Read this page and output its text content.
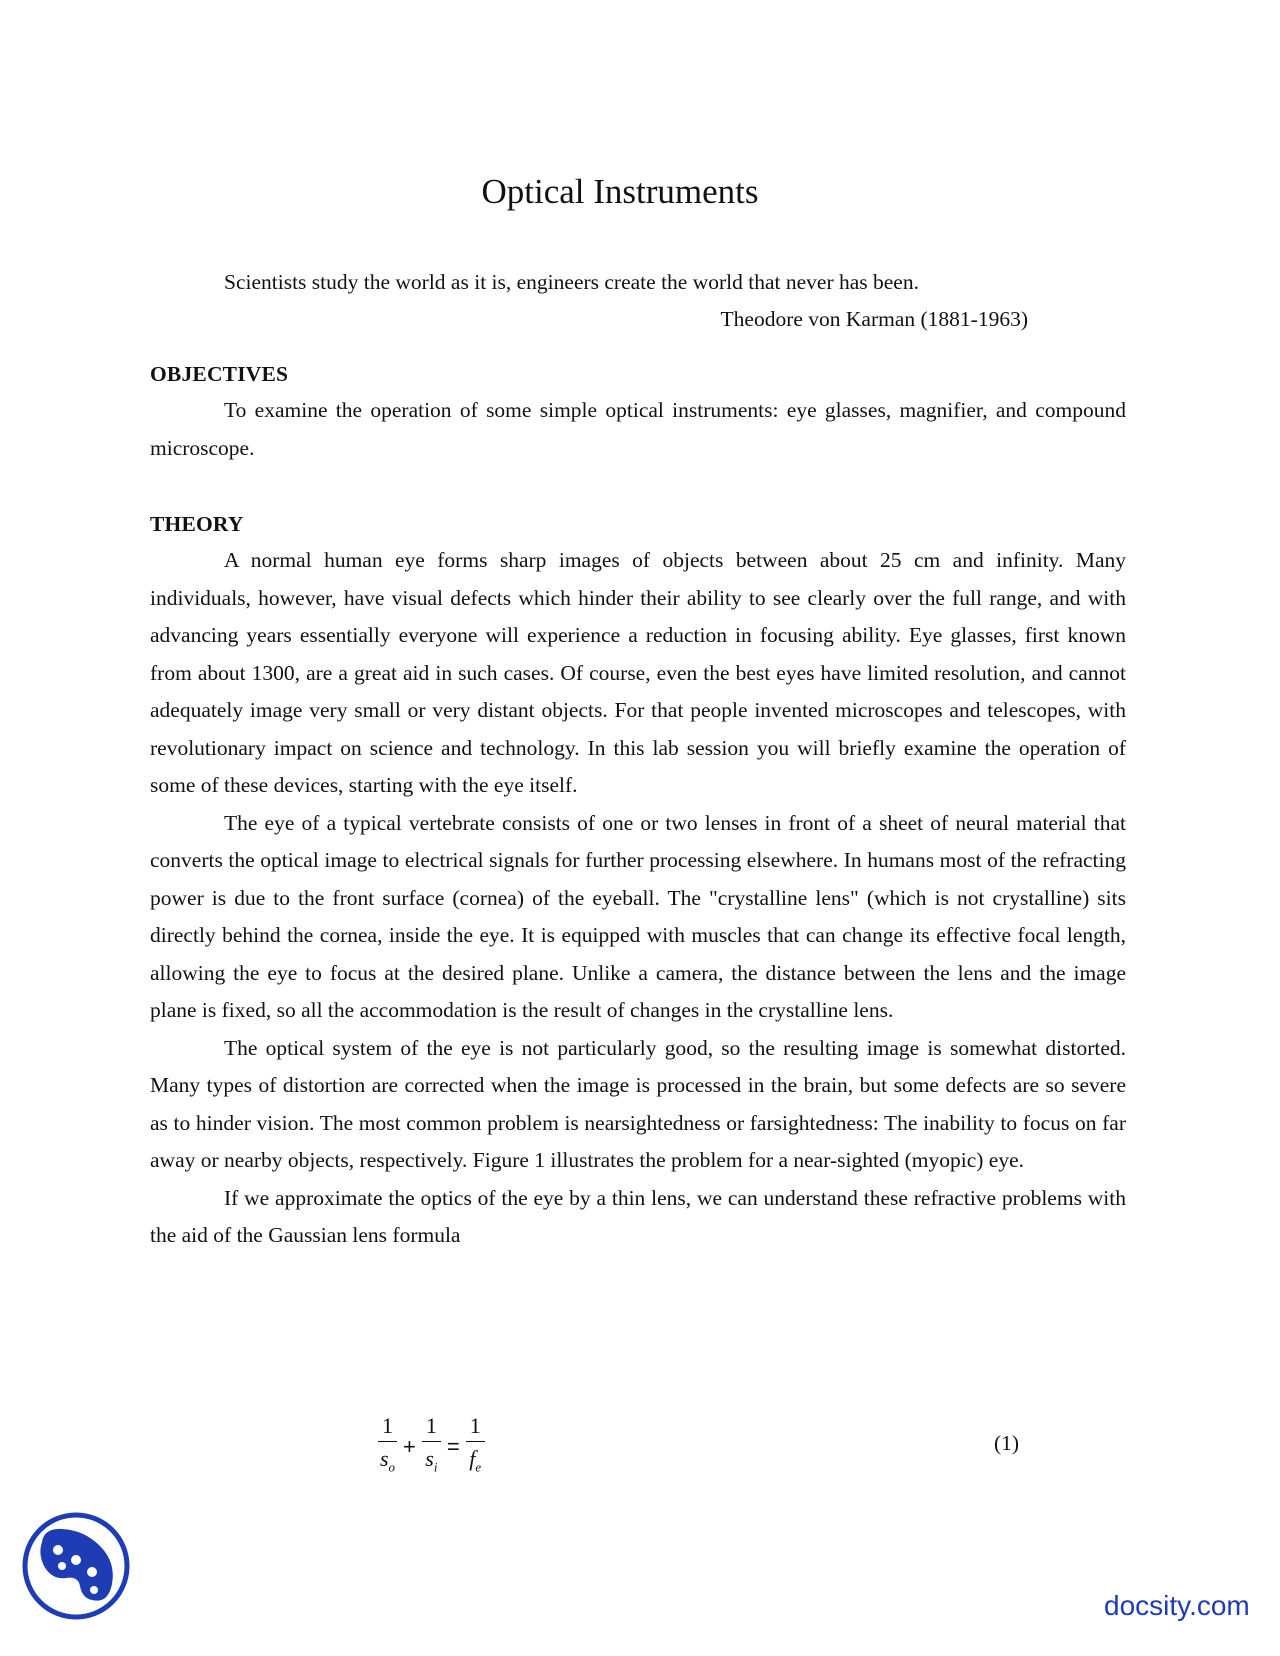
Optical Instruments
Scientists study the world as it is, engineers create the world that never has been.
Theodore von Karman (1881-1963)
OBJECTIVES

To examine the operation of some simple optical instruments: eye glasses, magnifier, and compound microscope.

THEORY

A normal human eye forms sharp images of objects between about 25 cm and infinity. Many individuals, however, have visual defects which hinder their ability to see clearly over the full range, and with advancing years essentially everyone will experience a reduction in focusing ability. Eye glasses, first known from about 1300, are a great aid in such cases. Of course, even the best eyes have limited resolution, and cannot adequately image very small or very distant objects. For that people invented microscopes and telescopes, with revolutionary impact on science and technology. In this lab session you will briefly examine the operation of some of these devices, starting with the eye itself.

The eye of a typical vertebrate consists of one or two lenses in front of a sheet of neural material that converts the optical image to electrical signals for further processing elsewhere. In humans most of the refracting power is due to the front surface (cornea) of the eyeball. The "crystalline lens" (which is not crystalline) sits directly behind the cornea, inside the eye. It is equipped with muscles that can change its effective focal length, allowing the eye to focus at the desired plane. Unlike a camera, the distance between the lens and the image plane is fixed, so all the accommodation is the result of changes in the crystalline lens.

The optical system of the eye is not particularly good, so the resulting image is somewhat distorted. Many types of distortion are corrected when the image is processed in the brain, but some defects are so severe as to hinder vision. The most common problem is nearsightedness or farsightedness: The inability to focus on far away or nearby objects, respectively. Figure 1 illustrates the problem for a near-sighted (myopic) eye.

If we approximate the optics of the eye by a thin lens, we can understand these refractive problems with the aid of the Gaussian lens formula

$\frac{1}{s_o} + \frac{1}{s_i} = \frac{1}{f_e}$	(1)
docsity.com
